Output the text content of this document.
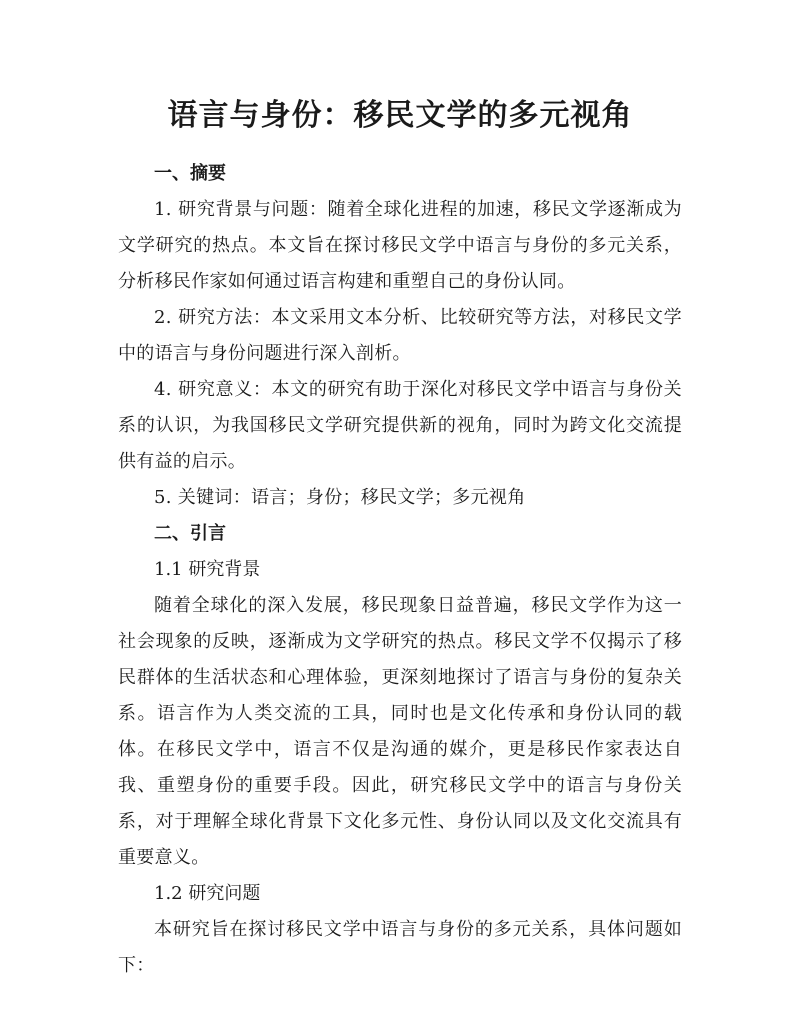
语言与身份：移民文学的多元视角

一、摘要

1. 研究背景与问题：随着全球化进程的加速，移民文学逐渐成为文学研究的热点。本文旨在探讨移民文学中语言与身份的多元关系，分析移民作家如何通过语言构建和重塑自己的身份认同。

2. 研究方法：本文采用文本分析、比较研究等方法，对移民文学中的语言与身份问题进行深入剖析。

4. 研究意义：本文的研究有助于深化对移民文学中语言与身份关系的认识，为我国移民文学研究提供新的视角，同时为跨文化交流提供有益的启示。

5. 关键词：语言；身份；移民文学；多元视角

二、引言

1.1 研究背景

随着全球化的深入发展，移民现象日益普遍，移民文学作为这一社会现象的反映，逐渐成为文学研究的热点。移民文学不仅揭示了移民群体的生活状态和心理体验，更深刻地探讨了语言与身份的复杂关系。语言作为人类交流的工具，同时也是文化传承和身份认同的载体。在移民文学中，语言不仅是沟通的媒介，更是移民作家表达自我、重塑身份的重要手段。因此，研究移民文学中的语言与身份关系，对于理解全球化背景下文化多元性、身份认同以及文化交流具有重要意义。

1.2 研究问题

本研究旨在探讨移民文学中语言与身份的多元关系，具体问题如下：
